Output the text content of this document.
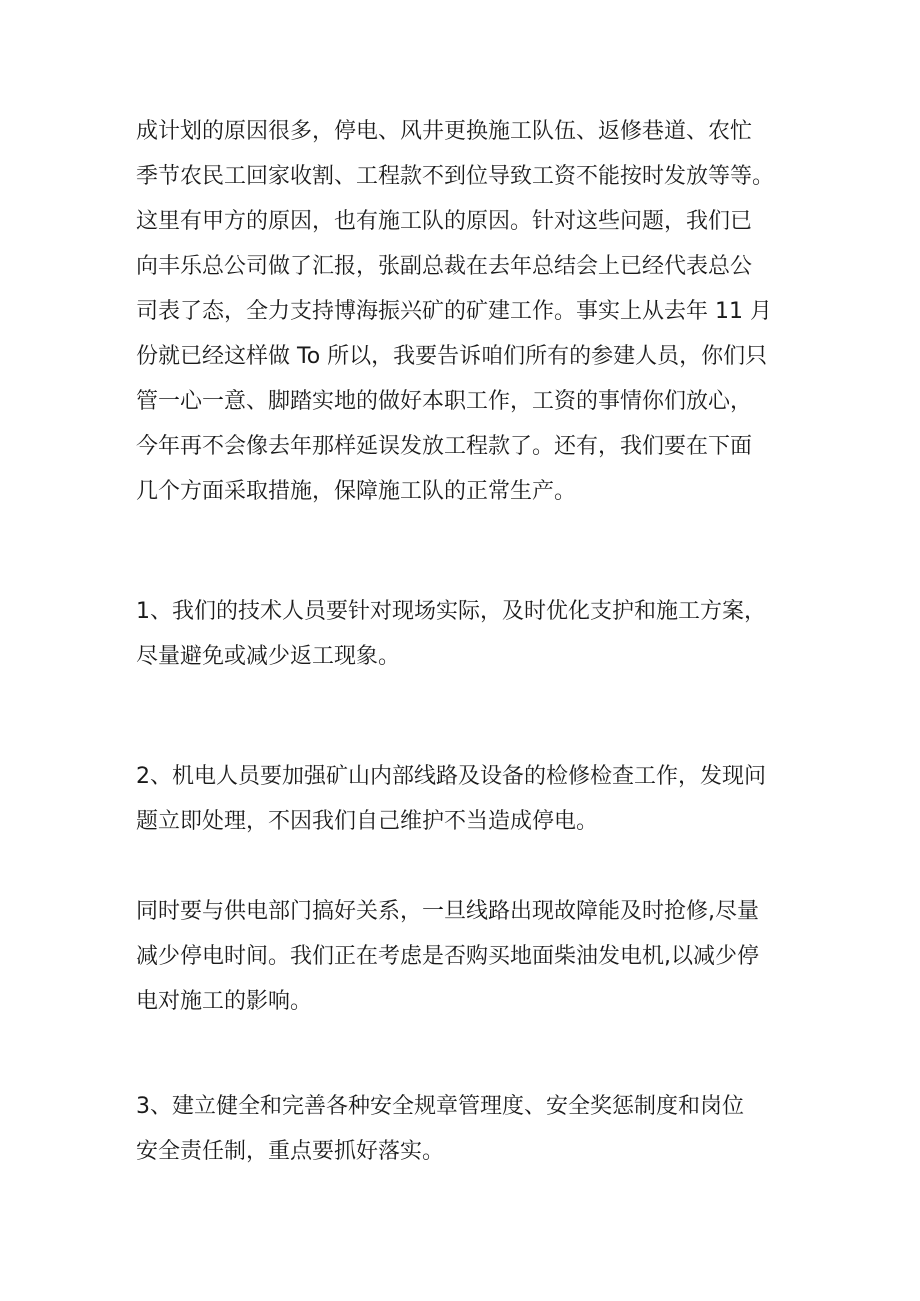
成计划的原因很多，停电、风井更换施工队伍、返修巷道、农忙

季节农民工回家收割、工程款不到位导致工资不能按时发放等等。

这里有甲方的原因，也有施工队的原因。针对这些问题，我们已

向丰乐总公司做了汇报，张副总裁在去年总结会上已经代表总公

司表了态，全力支持博海振兴矿的矿建工作。事实上从去年 11 月

份就已经这样做 To 所以，我要告诉咱们所有的参建人员，你们只

管一心一意、脚踏实地的做好本职工作，工资的事情你们放心，

今年再不会像去年那样延误发放工程款了。还有，我们要在下面

几个方面采取措施，保障施工队的正常生产。

1、我们的技术人员要针对现场实际，及时优化支护和施工方案，

尽量避免或减少返工现象。

2、机电人员要加强矿山内部线路及设备的检修检查工作，发现问

题立即处理，不因我们自己维护不当造成停电。

同时要与供电部门搞好关系，一旦线路出现故障能及时抢修,尽量

减少停电时间。我们正在考虑是否购买地面柴油发电机,以减少停

电对施工的影响。

3、建立健全和完善各种安全规章管理度、安全奖惩制度和岗位

安全责任制，重点要抓好落实。
